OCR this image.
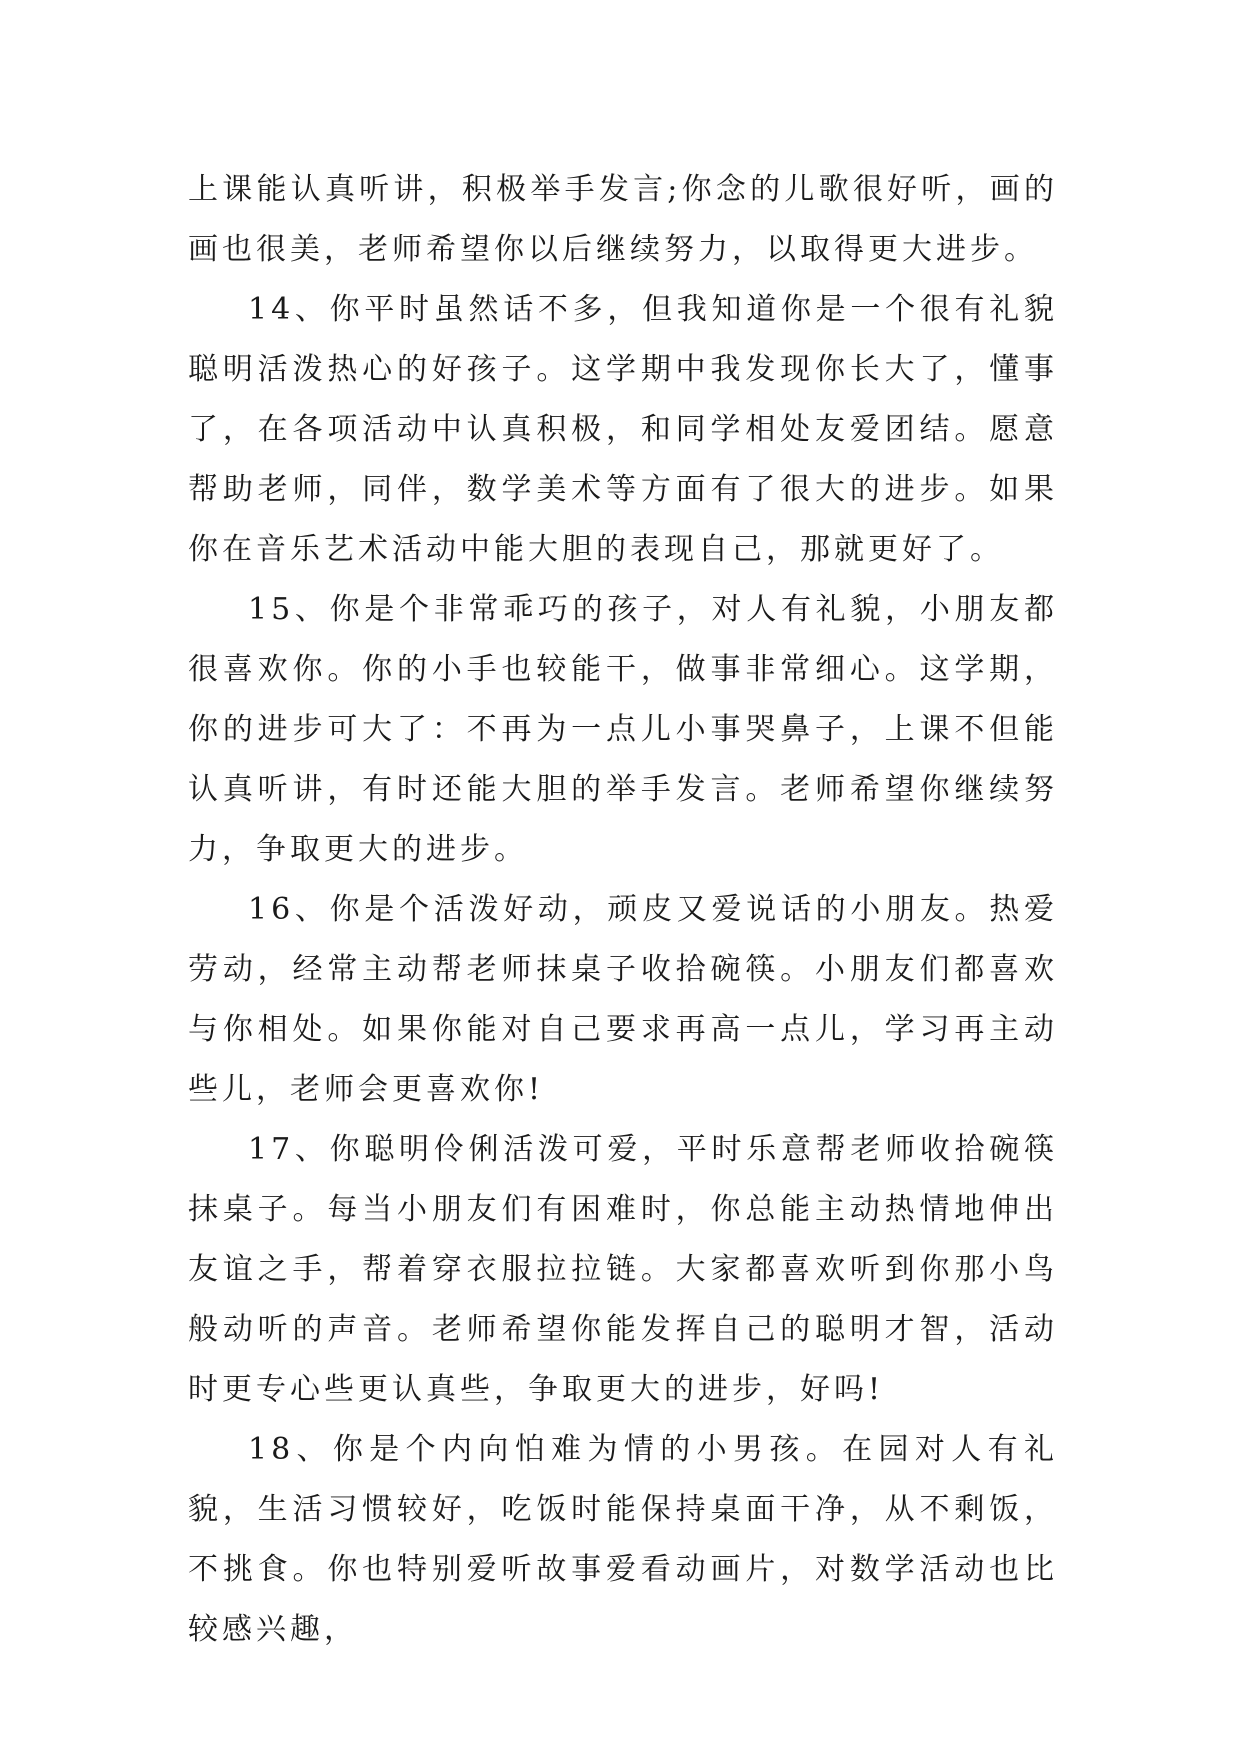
上课能认真听讲，积极举手发言;你念的儿歌很好听，画的画也很美，老师希望你以后继续努力，以取得更大进步。

14、你平时虽然话不多，但我知道你是一个很有礼貌聪明活泼热心的好孩子。这学期中我发现你长大了，懂事了，在各项活动中认真积极，和同学相处友爱团结。愿意帮助老师，同伴，数学美术等方面有了很大的进步。如果你在音乐艺术活动中能大胆的表现自己，那就更好了。

15、你是个非常乖巧的孩子，对人有礼貌，小朋友都很喜欢你。你的小手也较能干，做事非常细心。这学期，你的进步可大了：不再为一点儿小事哭鼻子，上课不但能认真听讲，有时还能大胆的举手发言。老师希望你继续努力，争取更大的进步。

16、你是个活泼好动，顽皮又爱说话的小朋友。热爱劳动，经常主动帮老师抹桌子收拾碗筷。小朋友们都喜欢与你相处。如果你能对自己要求再高一点儿，学习再主动些儿，老师会更喜欢你!

17、你聪明伶俐活泼可爱，平时乐意帮老师收拾碗筷抹桌子。每当小朋友们有困难时，你总能主动热情地伸出友谊之手，帮着穿衣服拉拉链。大家都喜欢听到你那小鸟般动听的声音。老师希望你能发挥自己的聪明才智，活动时更专心些更认真些，争取更大的进步，好吗!

18、你是个内向怕难为情的小男孩。在园对人有礼貌，生活习惯较好，吃饭时能保持桌面干净，从不剩饭，不挑食。你也特别爱听故事爱看动画片，对数学活动也比较感兴趣，
